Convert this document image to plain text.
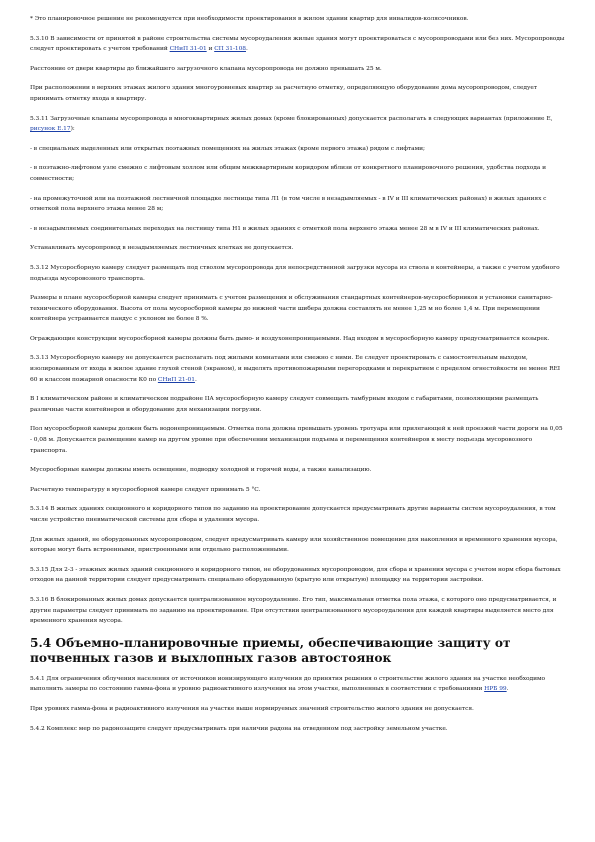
* Это планировочное решение не рекомендуется при необходимости проектирования в жилом здании квартир для инвалидов-колясочников.

5.3.10 В зависимости от принятой в районе строительства системы мусороудаления жилые здания могут проектироваться с мусоропроводами или без них. Мусоропроводы следует проектировать с учетом требований СНиП 31-01 и СП 31-108.

Расстояние от двери квартиры до ближайшего загрузочного клапана мусоропровода не должно превышать 25 м.

При расположении в верхних этажах жилого здания многоуровневых квартир за расчетную отметку, определяющую оборудование дома мусоропроводом, следует принимать отметку входа в квартиру.

5.3.11 Загрузочные клапаны мусоропровода в многоквартирных жилых домах (кроме блокированных) допускается располагать в следующих вариантах (приложение Е, рисунок Е.17):

- в специальных выделенных или открытых поэтажных помещениях на жилых этажах (кроме первого этажа) рядом с лифтами;

- в поэтажно-лифтовом узле смежно с лифтовым холлом или общим межквартирным коридором вблизи от конкретного планировочного решения, удобства подхода и совместности;

- на промежуточной или на поэтажной лестничной площадке лестницы типа Л1 (в том числе в незадымляемых - в IV и III климатических районах) в жилых зданиях с отметкой пола верхнего этажа менее 28 м;

- в незадымляемых соединительных переходах на лестницу типа Н1 в жилых зданиях с отметкой пола верхнего этажа менее 28 м в IV и III климатических районах.

Устанавливать мусоропровод в незадымляемых лестничных клетках не допускается.

5.3.12 Мусоросборную камеру следует размещать под стволом мусоропровода для непосредственной загрузки мусора из ствола в контейнеры, а также с учетом удобного подъезда мусоровозного транспорта.

Размеры в плане мусоросборной камеры следует принимать с учетом размещения и обслуживания стандартных контейнеров-мусоросборников и установки санитарно-технического оборудования. Высота от пола мусоросборной камеры до нижней части шибера должна составлять не менее 1,25 м но более 1,4 м. При перемещении контейнера устраивается пандус с уклоном не более 8 %.

Ограждающие конструкции мусоросборной камеры должны быть дымо- и воздухонепроницаемыми. Над входом в мусоросборную камеру предусматривается козырек.

5.3.13 Мусоросборную камеру не допускается располагать под жилыми комнатами или смежно с ними. Ее следует проектировать с самостоятельным выходом, изолированным от входа в жилое здание глухой стеной (экраном), и выделять противопожарными перегородками и перекрытием с пределом огнестойкости не менее REI 60 и классом пожарной опасности К0 по СНиП 21-01.

В I климатическом районе и климатическом подрайоне IIА мусоросборную камеру следует совмещать тамбурным входом с габаритами, позволяющими размещать различные части контейнеров и оборудование для механизации погрузки.

Пол мусоросборной камеры должен быть водонепроницаемым. Отметка пола должна превышать уровень тротуара или прилегающей к ней проезжей части дороги на 0,05 - 0,08 м. Допускается размещение камер на другом уровне при обеспечении механизации подъема и перемещения контейнеров к месту подъезда мусоровозного транспорта.

Мусоросборные камеры должны иметь освещение, подводку холодной и горячей воды, а также канализацию.

Расчетную температуру в мусоросборной камере следует принимать 5 °С.

5.3.14 В жилых зданиях секционного и коридорного типов по заданию на проектирование допускается предусматривать другие варианты систем мусороудаления, в том числе устройство пневматической системы для сбора и удаления мусора.

Для жилых зданий, не оборудованных мусоропроводом, следует предусматривать камеру или хозяйственное помещение для накопления и временного хранения мусора, которые могут быть встроенными, пристроенными или отдельно расположенными.

5.3.15 Для 2-3 - этажных жилых зданий секционного и коридорного типов, не оборудованных мусоропроводом, для сбора и хранения мусора с учетом норм сбора бытовых отходов на данной территории следует предусматривать специально оборудованную (крытую или открытую) площадку на территории застройки.

5.3.16 В блокированных жилых домах допускается централизованное мусороудаление. Его тип, максимальная отметка пола этажа, с которого оно предусматривается, и другие параметры следует принимать по заданию на проектирование. При отсутствии централизованного мусороудаления для каждой квартиры выделяется место для временного хранения мусора.

5.4 Объемно-планировочные приемы, обеспечивающие защиту от почвенных газов и выхлопных газов автостоянок

5.4.1 Для ограничения облучения населения от источников ионизирующего излучения до принятия решения о строительстве жилого здания на участке необходимо выполнить замеры по состоянию гамма-фона и уровню радиоактивного излучения на этом участке, выполненных в соответствии с требованиями НРБ 99.

При уровнях гамма-фона и радиоактивного излучения на участке выше нормируемых значений строительство жилого здания не допускается.

5.4.2 Комплекс мер по радонозащите следует предусматривать при наличии радона на отведенном под застройку земельном участке.
